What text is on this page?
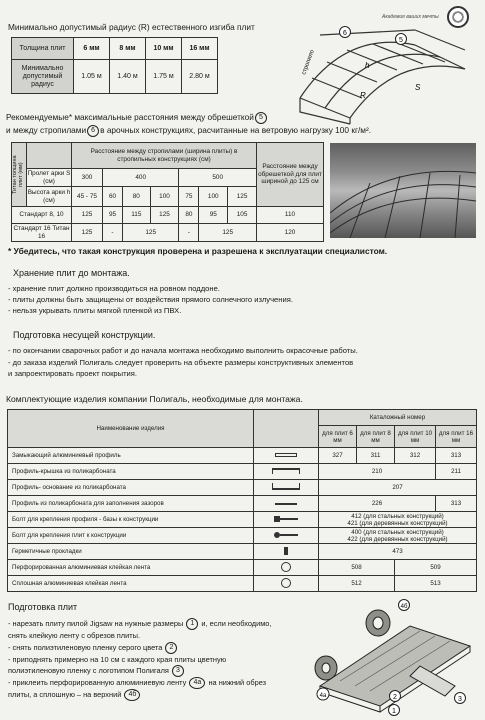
Академия ваших мечты
Минимально допустимый радиус (R) естественного изгиба плит
Толщина плит	6 мм	8 мм	10 мм	16 мм
Минимально допустимый радиус	1.05 м	1.40 м	1.75 м	2.80 м
6
5
стропило
S
h
R
Рекомендуемые* максимальные расстояния между обрешеткой 5
и между стропилами 6 в арочных конструкциях, расчитанные на ветровую нагрузку 100 кг/м².
Титан толщина плит (мм)		Расстояние между стропилами (ширина плиты) в стропильных конструкциях (см)							Расстояние между обрешеткой для плит шириной до 125 см
	Пролет арки S (см)	300	400			500			
	Высота арки h (см)	45 - 75	60	80	100	75	100	125	
Стандарт 8, 10		125	95	115	125	80	95	105	110
Стандарт 16 Титан 16		125	-	125		-	125		120
* Убедитесь, что такая конструкция проверена и разрешена к эксплуатации специалистом.
Хранение плит до монтажа.
- хранение плит должно производиться на ровном поддоне.
- плиты должны быть защищены от воздействия прямого солнечного излучения.
- нельзя укрывать плиты мягкой пленкой из ПВХ.
Подготовка несущей конструкции.
- по окончании сварочных работ и до начала монтажа необходимо выполнить окрасочные работы.
- до заказа изделий Полигаль следует проверить на объекте размеры конструктивных элементов
и запроектировать проект покрытия.
Комплектующие изделия компании Полигаль, необходимые для монтажа.
Наименование изделия		Каталожный номер			
		для плит 6 мм	для плит 8 мм	для плит 10 мм	для плит 16 мм
Замыкающий алюминиевый профиль		327	311	312	313
Профиль-крышка из поликарбоната		210			211
Профиль- основание из поликарбоната		207			
Профиль из поликарбоната для заполнения зазоров		226			313
Болт для крепления профиля - базы к конструкции		412 (для стальных конструкций)
421 (для деревянных конструкций)			

Болт для крепления плит к конструкции		400 (для стальных конструкций)
422 (для деревянных конструкций)			

Герметичные прокладки		473			
Перфорированная алюминиевая клейкая лента		508		509	
Сплошная алюминиевая клейкая лента		512		513	
Подготовка плит
- нарезать плиту пилой Jigsaw на нужные размеры 1 и, если необходимо,
снять клейкую ленту с обрезов плиты.
- снять полиэтиленовую пленку серого цвета 2
- приподнять примерно на 10 см с каждого края плиты цветную
полиэтиленовую пленку с логотипом Полигаля 3
- приклеить перфорированную алюминиевую ленту 4a на нижний обрез
плиты, а сплошную – на верхний 4б
4б
4a	2
1
3
